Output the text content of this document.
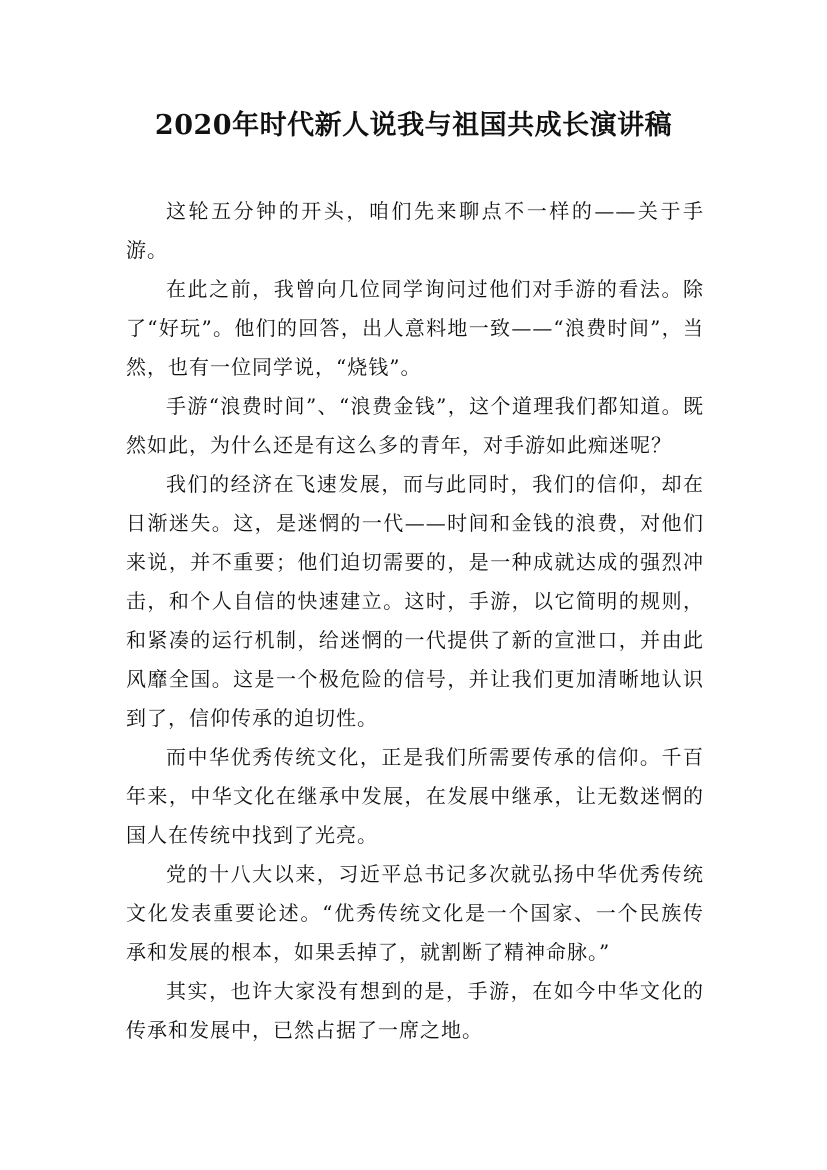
2020年时代新人说我与祖国共成长演讲稿

这轮五分钟的开头，咱们先来聊点不一样的——关于手游。

在此之前，我曾向几位同学询问过他们对手游的看法。除了“好玩”。他们的回答，出人意料地一致——“浪费时间”，当然，也有一位同学说，“烧钱”。

手游“浪费时间”、“浪费金钱”，这个道理我们都知道。既然如此，为什么还是有这么多的青年，对手游如此痴迷呢？

我们的经济在飞速发展，而与此同时，我们的信仰，却在日渐迷失。这，是迷惘的一代——时间和金钱的浪费，对他们来说，并不重要；他们迫切需要的，是一种成就达成的强烈冲击，和个人自信的快速建立。这时，手游，以它简明的规则，和紧凑的运行机制，给迷惘的一代提供了新的宣泄口，并由此风靡全国。这是一个极危险的信号，并让我们更加清晰地认识到了，信仰传承的迫切性。

而中华优秀传统文化，正是我们所需要传承的信仰。千百年来，中华文化在继承中发展，在发展中继承，让无数迷惘的国人在传统中找到了光亮。

党的十八大以来，习近平总书记多次就弘扬中华优秀传统文化发表重要论述。“优秀传统文化是一个国家、一个民族传承和发展的根本，如果丢掉了，就割断了精神命脉。”

其实，也许大家没有想到的是，手游，在如今中华文化的传承和发展中，已然占据了一席之地。
